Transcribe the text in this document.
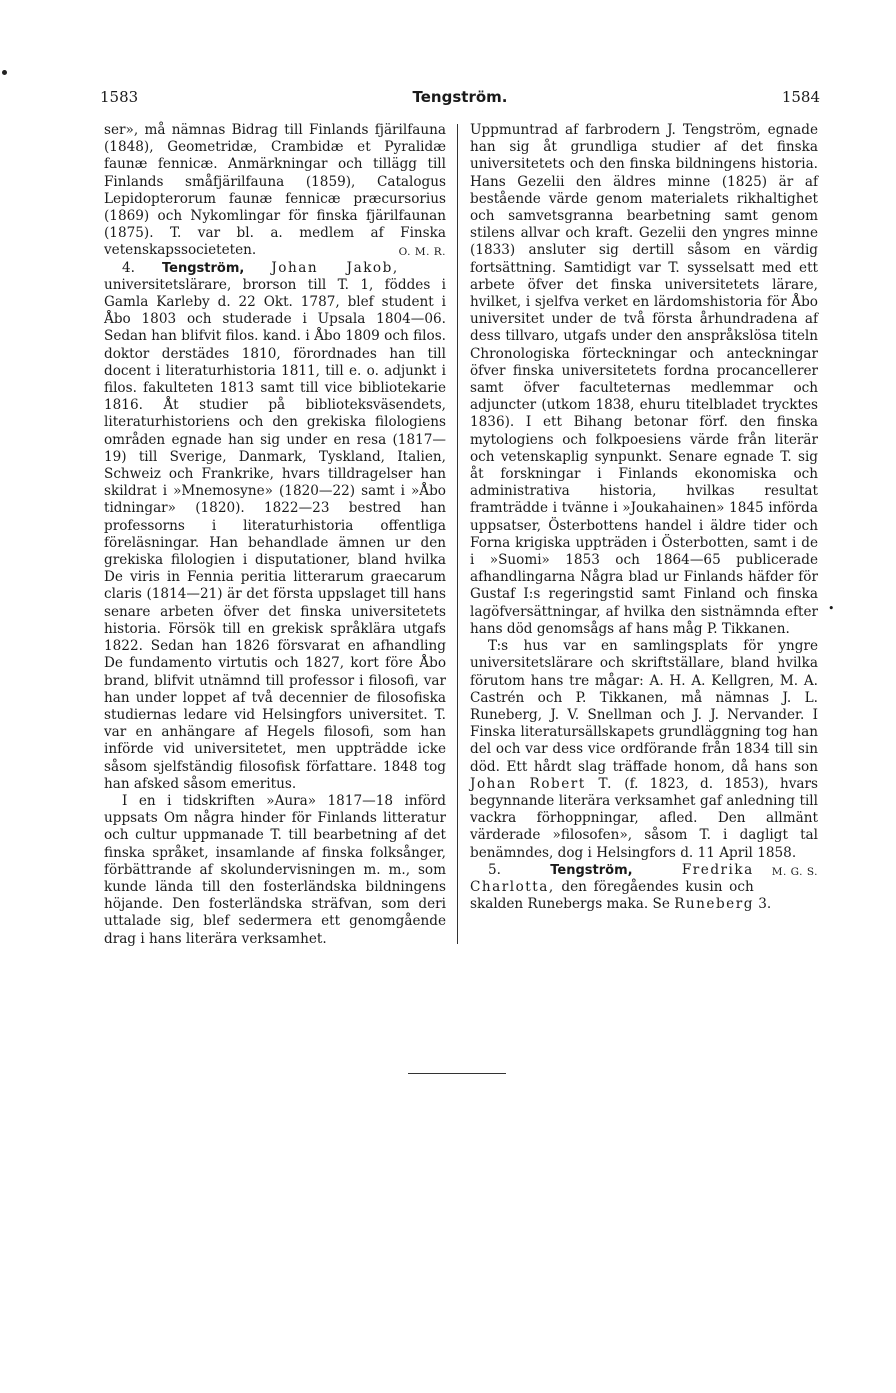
1583	Tengström.	1584

ser», må nämnas Bidrag till Finlands fjärilfauna (1848), Geometridæ, Crambidæ et Pyralidæ faunæ fennicæ. Anmärkningar och tillägg till Finlands småfjärilfauna (1859), Catalogus Lepidopterorum faunæ fennicæ præcursorius (1869) och Nykomlingar för finska fjärilfaunan (1875). T. var bl. a. medlem af Finska vetenskapssocieteten.	O. M. R.

4. Tengström, Johan Jakob, universitetslärare, brorson till T. 1, föddes i Gamla Karleby d. 22 Okt. 1787, blef student i Åbo 1803 och studerade i Upsala 1804—06. Sedan han blifvit filos. kand. i Åbo 1809 och filos. doktor derstädes 1810, förordnades han till docent i literaturhistoria 1811, till e. o. adjunkt i filos. fakulteten 1813 samt till vice bibliotekarie 1816. Åt studier på biblioteksväsendets, literaturhistoriens och den grekiska filologiens områden egnade han sig under en resa (1817—19) till Sverige, Danmark, Tyskland, Italien, Schweiz och Frankrike, hvars tilldragelser han skildrat i »Mnemosyne» (1820—22) samt i »Åbo tidningar» (1820). 1822—23 bestred han professorns i literaturhistoria offentliga föreläsningar. Han behandlade ämnen ur den grekiska filologien i disputationer, bland hvilka De viris in Fennia peritia litterarum graecarum claris (1814—21) är det första uppslaget till hans senare arbeten öfver det finska universitetets historia. Försök till en grekisk språklära utgafs 1822. Sedan han 1826 försvarat en afhandling De fundamento virtutis och 1827, kort före Åbo brand, blifvit utnämnd till professor i filosofi, var han under loppet af två decennier de filosofiska studiernas ledare vid Helsingfors universitet. T. var en anhängare af Hegels filosofi, som han införde vid universitetet, men uppträdde icke såsom sjelfständig filosofisk författare. 1848 tog han afsked såsom emeritus.

I en i tidskriften »Aura» 1817—18 införd uppsats Om några hinder för Finlands litteratur och cultur uppmanade T. till bearbetning af det finska språket, insamlande af finska folksånger, förbättrande af skolundervisningen m. m., som kunde lända till den fosterländska bildningens höjande. Den fosterländska sträfvan, som deri uttalade sig, blef sedermera ett genomgående drag i hans literära verksamhet.

Uppmuntrad af farbrodern J. Tengström, egnade han sig åt grundliga studier af det finska universitetets och den finska bildningens historia. Hans Gezelii den äldres minne (1825) är af bestående värde genom materialets rikhaltighet och samvetsgranna bearbetning samt genom stilens allvar och kraft. Gezelii den yngres minne (1833) ansluter sig dertill såsom en värdig fortsättning. Samtidigt var T. sysselsatt med ett arbete öfver det finska universitetets lärare, hvilket, i sjelfva verket en lärdomshistoria för Åbo universitet under de två första århundradena af dess tillvaro, utgafs under den anspråkslösa titeln Chronologiska förteckningar och anteckningar öfver finska universitetets fordna procancellerer samt öfver faculteternas medlemmar och adjuncter (utkom 1838, ehuru titelbladet trycktes 1836). I ett Bihang betonar förf. den finska mytologiens och folkpoesiens värde från literär och vetenskaplig synpunkt. Senare egnade T. sig åt forskningar i Finlands ekonomiska och administrativa historia, hvilkas resultat framträdde i tvänne i »Joukahainen» 1845 införda uppsatser, Österbottens handel i äldre tider och Forna krigiska uppträden i Österbotten, samt i de i »Suomi» 1853 och 1864—65 publicerade afhandlingarna Några blad ur Finlands häfder för Gustaf I:s regeringstid samt Finland och finska lagöfversättningar, af hvilka den sistnämnda efter hans död genomsågs af hans måg P. Tikkanen.

T:s hus var en samlingsplats för yngre universitetslärare och skriftställare, bland hvilka förutom hans tre mågar: A. H. A. Kellgren, M. A. Castrén och P. Tikkanen, må nämnas J. L. Runeberg, J. V. Snellman och J. J. Nervander. I Finska literatursällskapets grundläggning tog han del och var dess vice ordförande från 1834 till sin död. Ett hårdt slag träffade honom, då hans son Johan Robert T. (f. 1823, d. 1853), hvars begynnande literära verksamhet gaf anledning till vackra förhoppningar, afled. Den allmänt värderade »filosofen», såsom T. i dagligt tal benämndes, dog i Helsingfors d. 11 April 1858.
M. G. S.

5.	Tengström,	Fredrika Charlotta, den föregåendes kusin och skalden Runebergs maka. Se Runeberg 3.

•
